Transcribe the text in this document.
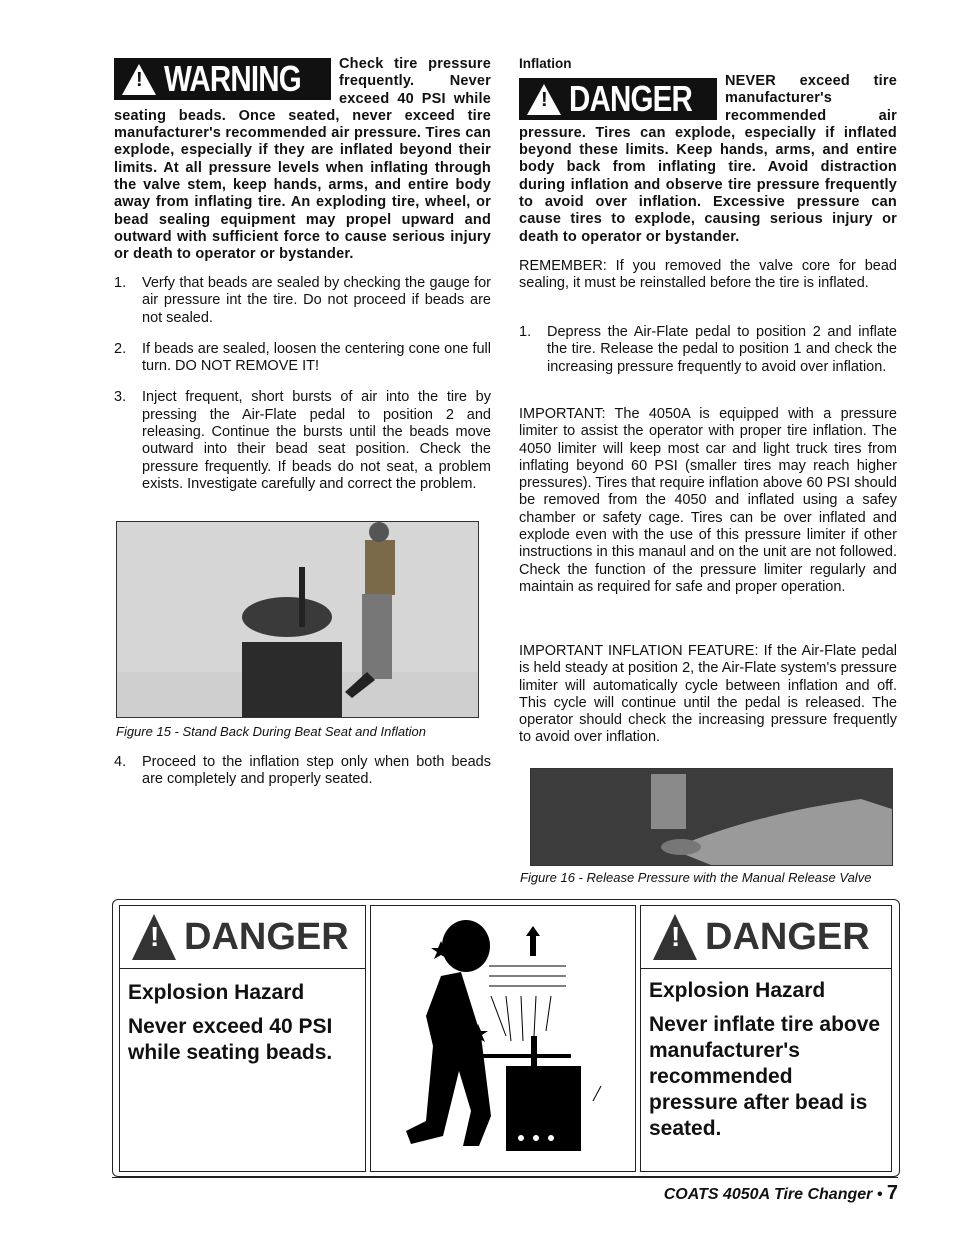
! WARNING	Check tire pressure frequently. Never exceed 40 PSI while seating beads. Once seated, never exceed tire manufacturer's recommended air pressure. Tires can explode, especially if they are inflated beyond their limits. At all pressure levels when inflating through the valve stem, keep hands, arms, and entire body away from inflating tire. An exploding tire, wheel, or bead sealing equipment may propel upward and outward with sufficient force to cause serious injury or death to operator or bystander.

1. Verfy that beads are sealed by checking the gauge for air pressure int the tire. Do not proceed if beads are not sealed.
2. If beads are sealed, loosen the centering cone one full turn. DO NOT REMOVE IT!
3. Inject frequent, short bursts of air into the tire by pressing the Air-Flate pedal to position 2 and releasing. Continue the bursts until the beads move outward into their bead seat position. Check the pressure frequently. If beads do not seat, a problem exists. Investigate carefully and correct the problem.
Figure 15 - Stand Back During Beat Seat and Inflation
4. Proceed to the inflation step only when both beads are completely and properly seated.
Inflation
! DANGER	NEVER exceed tire manufacturer's recommended air pressure. Tires can explode, especially if inflated beyond these limits. Keep hands, arms, and entire body back from inflating tire. Avoid distraction during inflation and observe tire pressure frequently to avoid over inflation. Excessive pressure can cause tires to explode, causing serious injury or death to operator or bystander.

REMEMBER: If you removed the valve core for bead sealing, it must be reinstalled before the tire is inflated.

1. Depress the Air-Flate pedal to position 2 and inflate the tire. Release the pedal to position 1 and check the increasing pressure frequently to avoid over inflation.

IMPORTANT: The 4050A is equipped with a pressure limiter to assist the operator with proper tire inflation. The 4050 limiter will keep most car and light truck tires from inflating beyond 60 PSI (smaller tires may reach higher pressures). Tires that require inflation above 60 PSI should be removed from the 4050 and inflated using a safey chamber or safety cage. Tires can be over inflated and explode even with the use of this pressure limiter if other instructions in this manaul and on the unit are not followed. Check the function of the pressure limiter regularly and maintain as required for safe and proper operation.

IMPORTANT INFLATION FEATURE: If the Air-Flate pedal is held steady at position 2, the Air-Flate system's pressure limiter will automatically cycle between inflation and off. This cycle will continue until the pedal is released. The operator should check the increasing pressure frequently to avoid over inflation.

Figure 16 - Release Pressure with the Manual Release Valve
! DANGER
Explosion Hazard
Never exceed 40 PSI while seating beads.
! DANGER
Explosion Hazard
Never inflate tire above manufacturer's recommended pressure after bead is seated.
COATS 4050A Tire Changer • 7
